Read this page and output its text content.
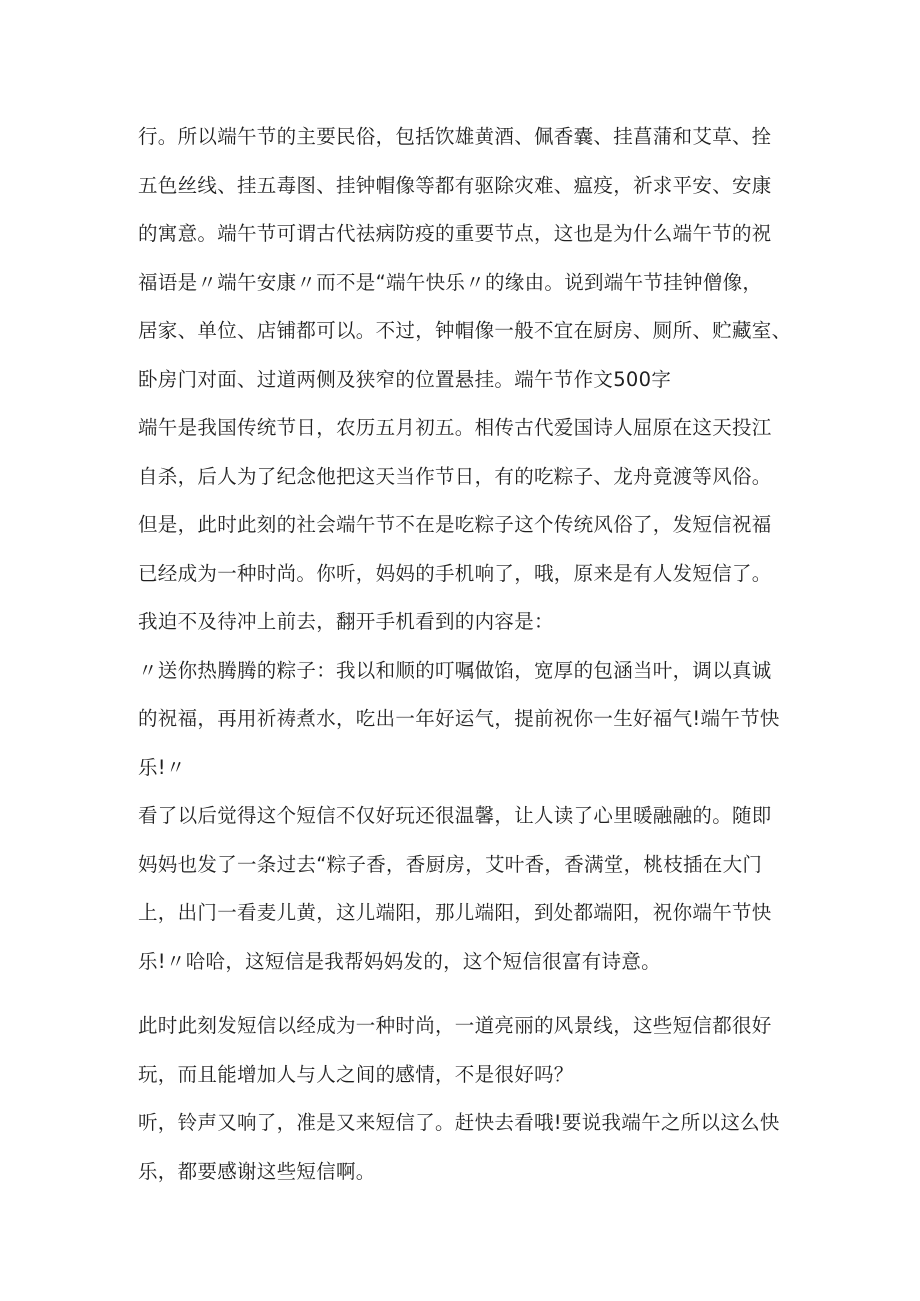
行。所以端午节的主要民俗，包括饮雄黄酒、佩香囊、挂菖蒲和艾草、拴
五色丝线、挂五毒图、挂钟帽像等都有驱除灾难、瘟疫，祈求平安、安康
的寓意。端午节可谓古代祛病防疫的重要节点，这也是为什么端午节的祝
福语是〃端午安康〃而不是“端午快乐〃的缘由。说到端午节挂钟僧像，
居家、单位、店铺都可以。不过，钟帽像一般不宜在厨房、厕所、贮藏室、
卧房门对面、过道两侧及狭窄的位置悬挂。端午节作文500字
端午是我国传统节日，农历五月初五。相传古代爱国诗人屈原在这天投江
自杀，后人为了纪念他把这天当作节日，有的吃粽子、龙舟竟渡等风俗。
但是，此时此刻的社会端午节不在是吃粽子这个传统风俗了，发短信祝福
已经成为一种时尚。你听，妈妈的手机响了，哦，原来是有人发短信了。
我迫不及待冲上前去，翻开手机看到的内容是：
〃送你热腾腾的粽子：我以和顺的叮嘱做馅，宽厚的包涵当叶，调以真诚
的祝福，再用祈祷煮水，吃出一年好运气，提前祝你一生好福气!端午节快
乐!〃
看了以后觉得这个短信不仅好玩还很温馨，让人读了心里暖融融的。随即
妈妈也发了一条过去“粽子香，香厨房，艾叶香，香满堂，桃枝插在大门
上，出门一看麦儿黄，这儿端阳，那儿端阳，到处都端阳，祝你端午节快
乐!〃哈哈，这短信是我帮妈妈发的，这个短信很富有诗意。
此时此刻发短信以经成为一种时尚，一道亮丽的风景线，这些短信都很好
玩，而且能增加人与人之间的感情，不是很好吗？
听，铃声又响了，准是又来短信了。赶快去看哦!要说我端午之所以这么快
乐，都要感谢这些短信啊。
